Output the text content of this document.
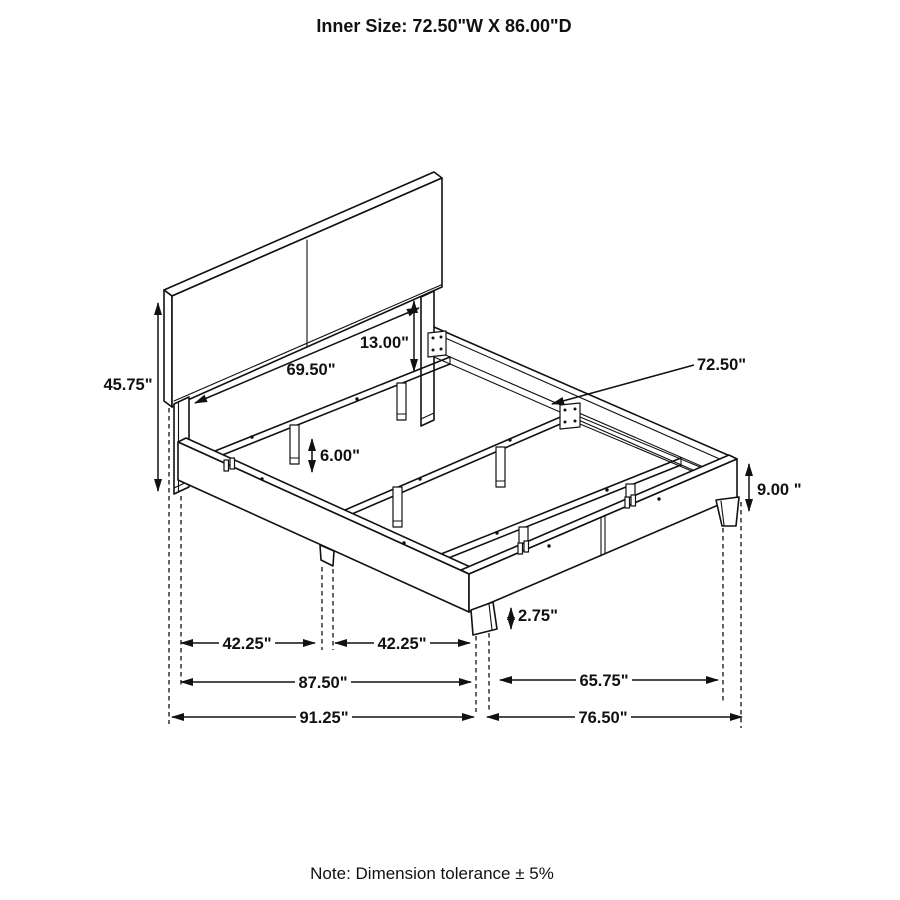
45.75"
13.00"
6.00"
9.00 "
2.75"
69.50"	72.50"
42.25"	42.25"
87.50"	65.75"
91.25"	76.50"
Inner Size: 72.50"W X 86.00"D
Note: Dimension tolerance ± 5%
